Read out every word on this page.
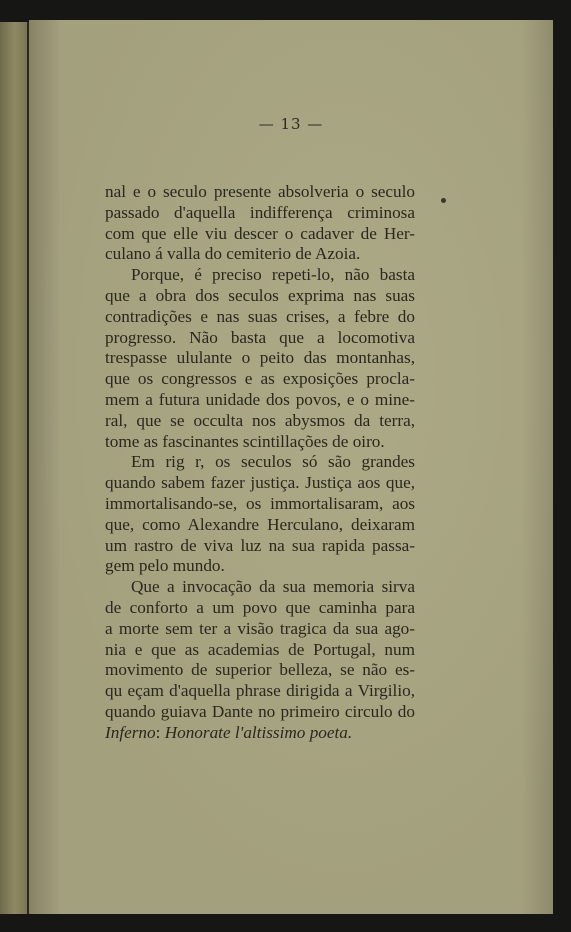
— 13 —

nal e o seculo presente absolveria o seculo
passado d'aquella indifferença criminosa
com que elle viu descer o cadaver de Her-
culano á valla do cemiterio de Azoia.
Porque, é preciso repeti-lo, não basta
que a obra dos seculos exprima nas suas
contradições e nas suas crises, a febre do
progresso. Não basta que a locomotiva
trespasse ululante o peito das montanhas,
que os congressos e as exposições procla-
mem a futura unidade dos povos, e o mine-
ral, que se occulta nos abysmos da terra,
tome as fascinantes scintillações de oiro.
Em rig r, os seculos só são grandes
quando sabem fazer justiça. Justiça aos que,
immortalisando-se, os immortalisaram, aos
que, como Alexandre Herculano, deixaram
um rastro de viva luz na sua rapida passa-
gem pelo mundo.
Que a invocação da sua memoria sirva
de conforto a um povo que caminha para
a morte sem ter a visão tragica da sua ago-
nia e que as academias de Portugal, num
movimento de superior belleza, se não es-
qu eçam d'aquella phrase dirigida a Virgilio,
quando guiava Dante no primeiro circulo do
Inferno: Honorate l'altissimo poeta.
